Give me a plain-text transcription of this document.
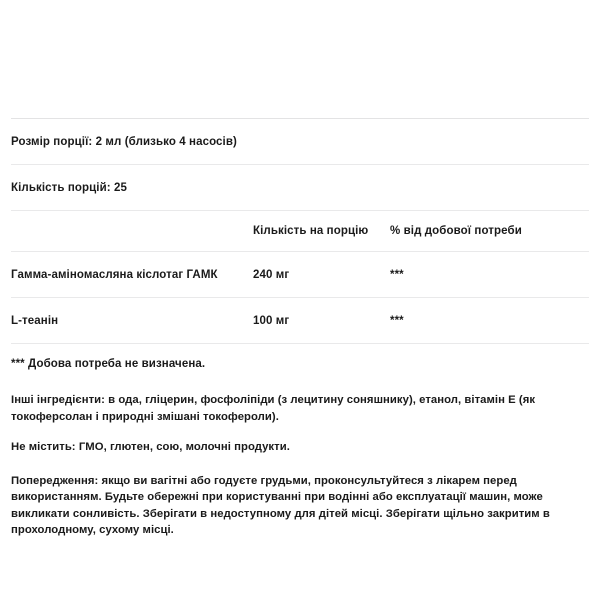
Розмір порції: 2 мл (близько 4 насосів)
Кількість порцій: 25
	Кількість на порцію	% від добової потреби
Гамма-аміномасляна кіслотаг ГАМК	240 мг	***
L-теанін	100 мг	***
*** Добова потреба не визначена.
Інші інгредієнти: в ода, гліцерин, фосфоліпіди (з лецитину соняшнику), етанол, вітамін E (як токоферсолан і природні змішані токофероли).
Не містить: ГМО, глютен, сою, молочні продукти.
Попередження: якщо ви вагітні або годуєте грудьми, проконсультуйтеся з лікарем перед використанням. Будьте обережні при користуванні при водінні або експлуатації машин, може викликати сонливість. Зберігати в недоступному для дітей місці. Зберігати щільно закритим в прохолодному, сухому місці.
